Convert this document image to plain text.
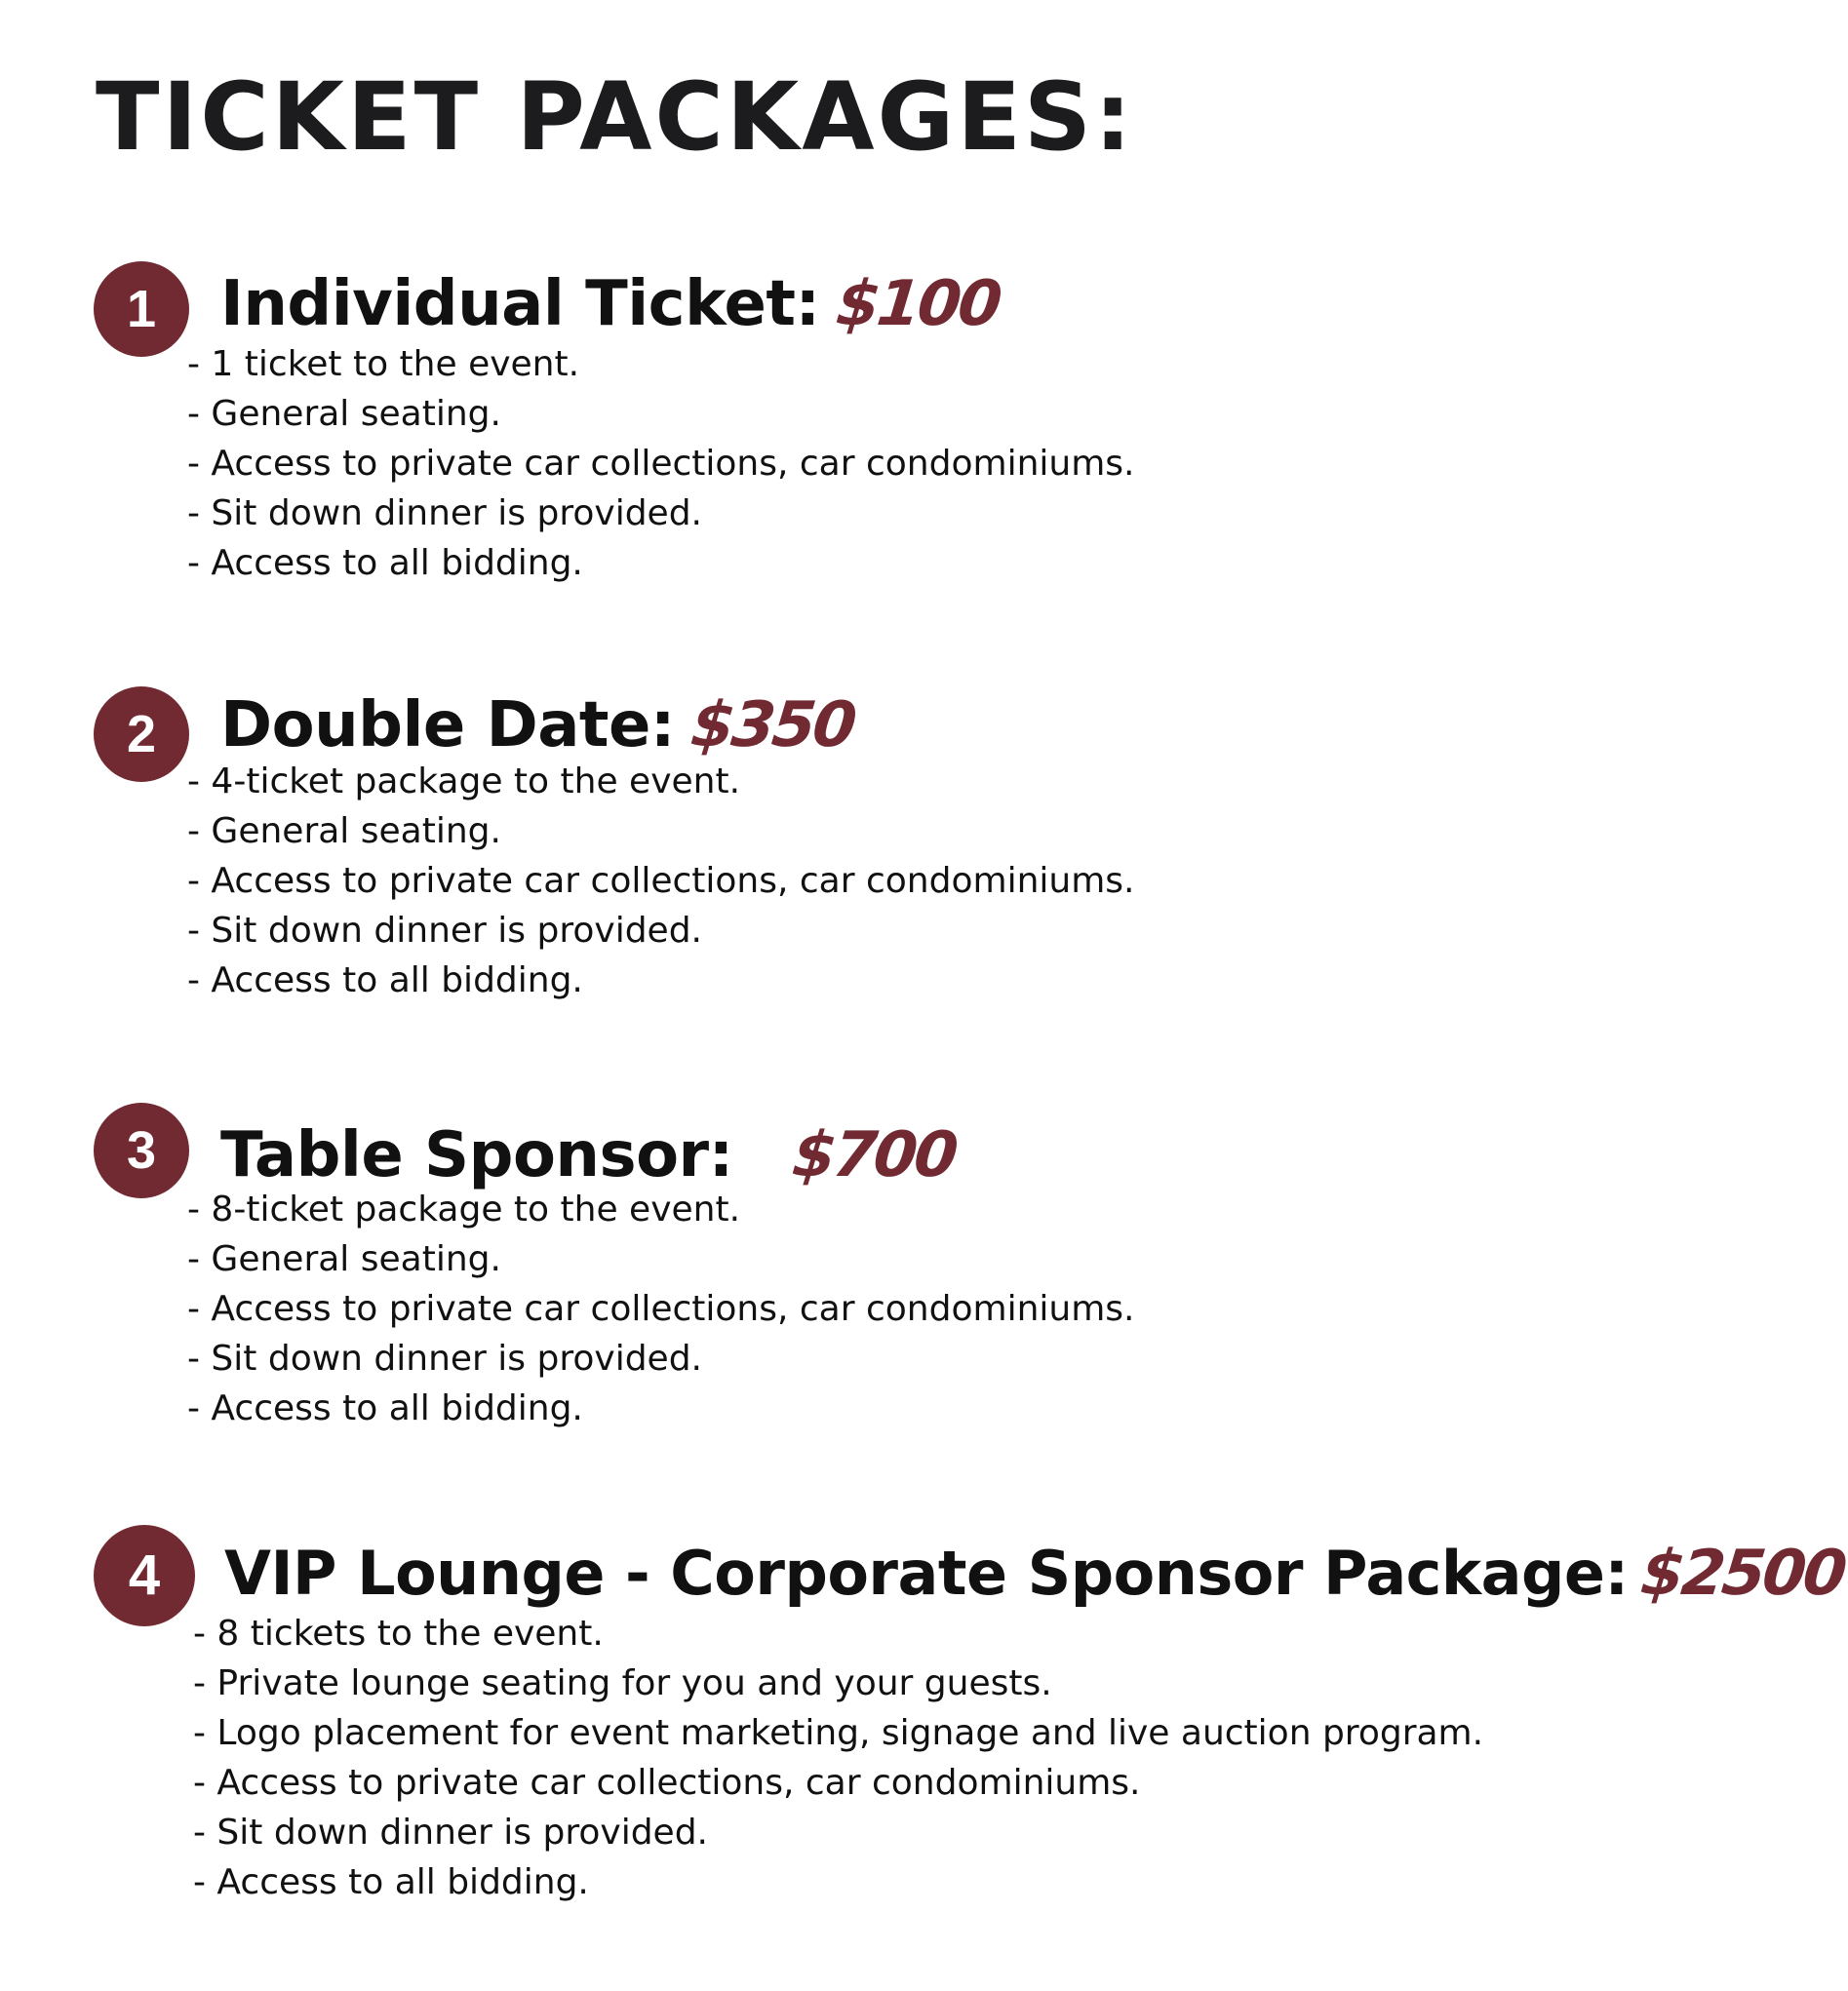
TICKET PACKAGES:
1	Individual Ticket: $100
- 1 ticket to the event.
- General seating.
- Access to private car collections, car condominiums.
- Sit down dinner is provided.
- Access to all bidding.
2	Double Date: $350
- 4-ticket package to the event.
- General seating.
- Access to private car collections, car condominiums.
- Sit down dinner is provided.
- Access to all bidding.
3	Table Sponsor: $700
- 8-ticket package to the event.
- General seating.
- Access to private car collections, car condominiums.
- Sit down dinner is provided.
- Access to all bidding.
4	VIP Lounge - Corporate Sponsor Package: $2500
- 8 tickets to the event.
- Private lounge seating for you and your guests.
- Logo placement for event marketing, signage and live auction program.
- Access to private car collections, car condominiums.
- Sit down dinner is provided.
- Access to all bidding.
